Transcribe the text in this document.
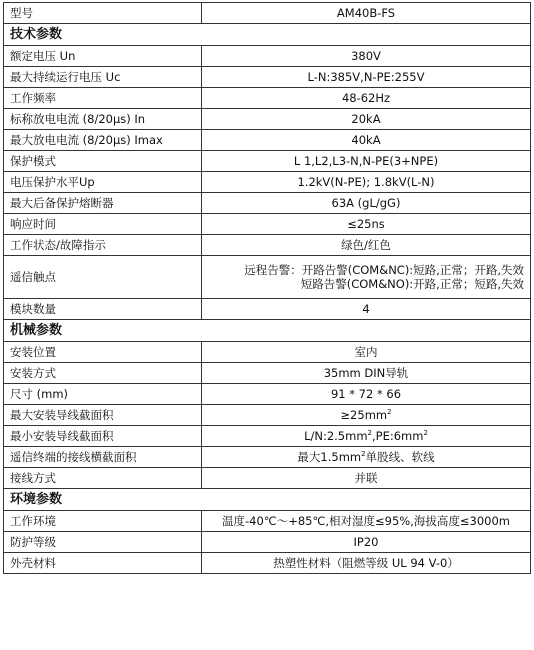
型号	AM40B-FS
技术参数	
额定电压 Un	380V
最大持续运行电压 Uc	L-N:385V,N-PE:255V
工作频率	48-62Hz
标称放电电流 (8/20μs) In	20kA
最大放电电流 (8/20μs) Imax	40kA
保护模式	L 1,L2,L3-N,N-PE(3+NPE)
电压保护水平Up	1.2kV(N-PE); 1.8kV(L-N)
最大后备保护熔断器	63A (gL/gG)
响应时间	≤25ns
工作状态/故障指示	绿色/红色
遥信触点	远程告警：开路告警(COM&NC):短路,正常；开路,失效
短路告警(COM&NO):开路,正常；短路,失效

模块数量	4
机械参数	
安装位置	室内
安装方式	35mm DIN导轨
尺寸 (mm)	91 * 72 * 66
最大安装导线截面积	$\ge 25mm^2$
最小安装导线截面积	$L/N:2.5mm^2,PE:6mm^2$
遥信终端的接线横截面积	最大$1.5mm^2$单股线、软线
接线方式	并联
环境参数	
工作环境	温度-40℃～+85℃,相对湿度≤95%,海拔高度≤3000m
防护等级	IP20
外壳材料	热塑性材料（阻燃等级 UL 94 V-0）
